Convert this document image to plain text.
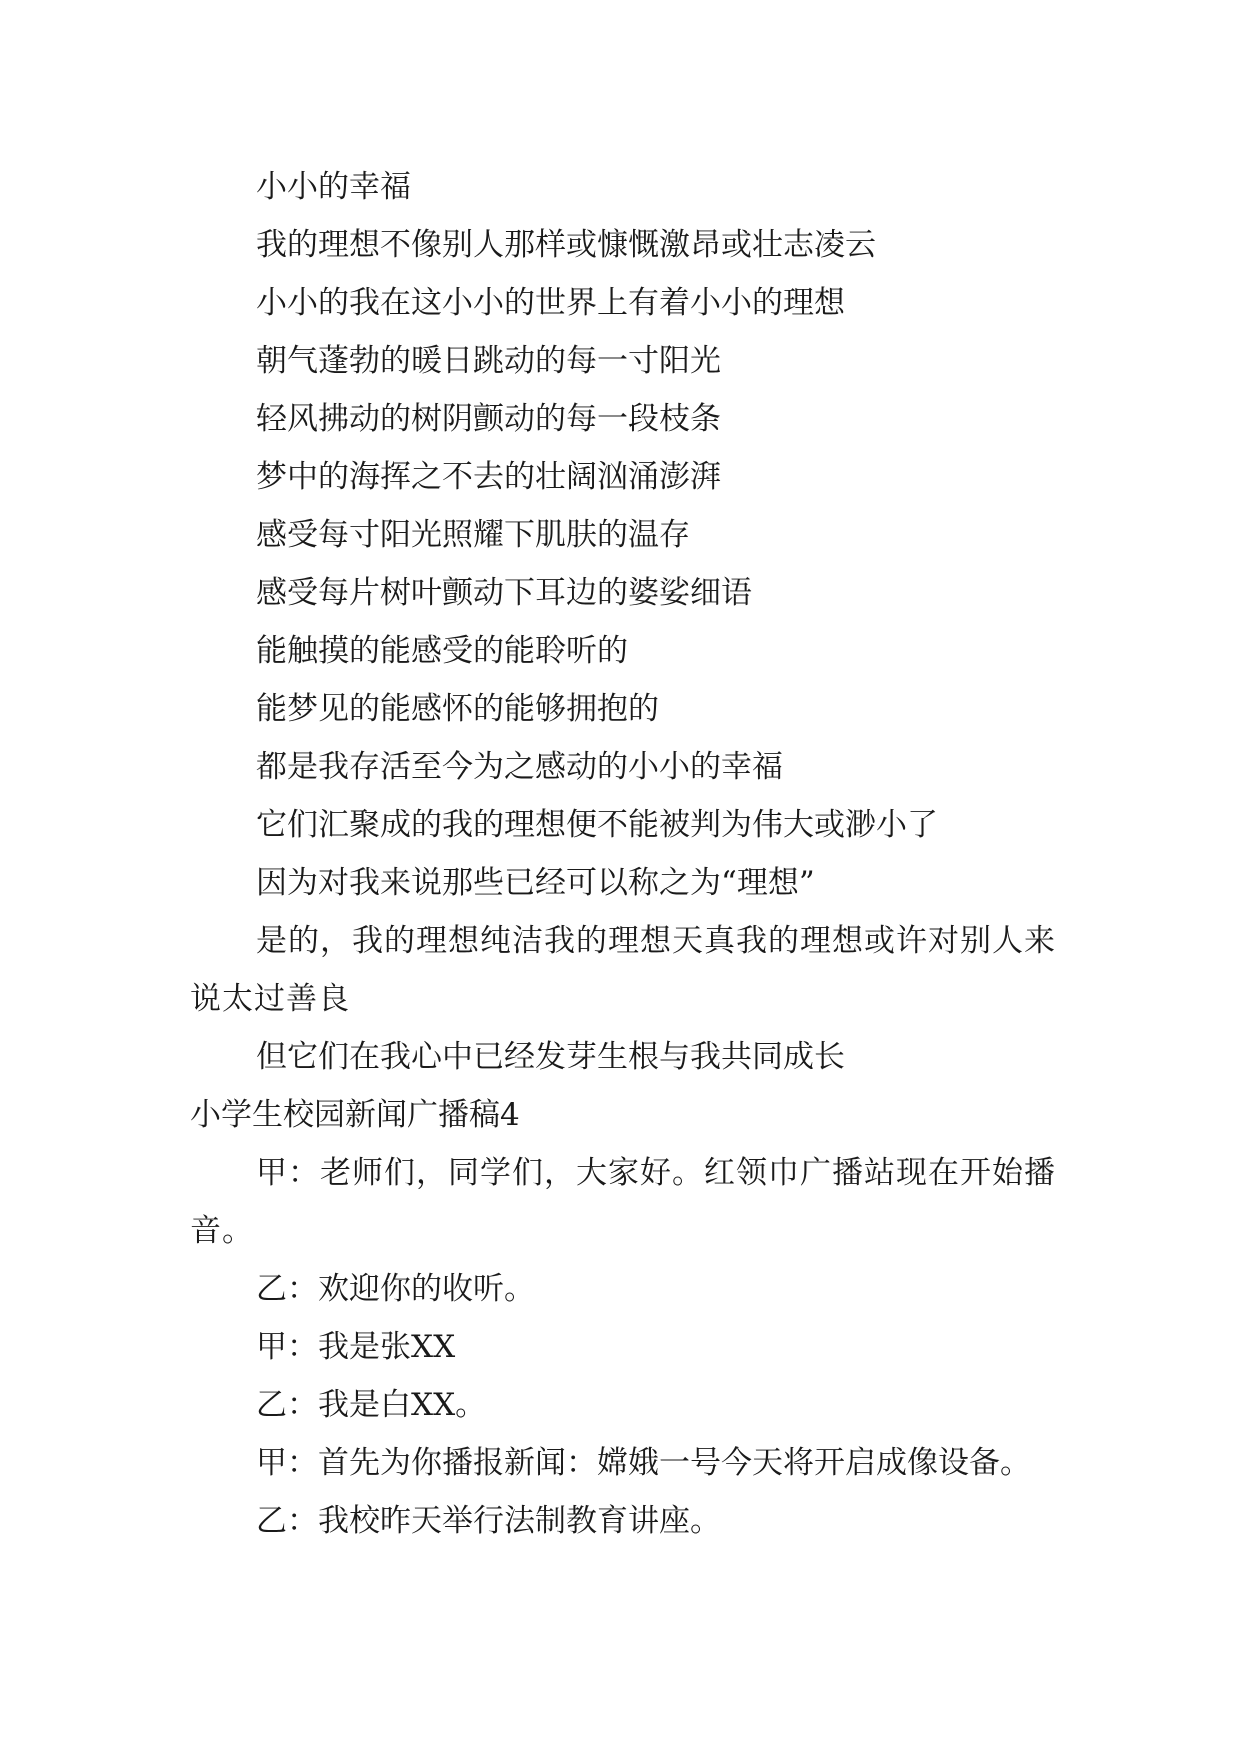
小小的幸福

我的理想不像别人那样或慷慨激昂或壮志凌云

小小的我在这小小的世界上有着小小的理想

朝气蓬勃的暖日跳动的每一寸阳光

轻风拂动的树阴颤动的每一段枝条

梦中的海挥之不去的壮阔汹涌澎湃

感受每寸阳光照耀下肌肤的温存

感受每片树叶颤动下耳边的婆娑细语

能触摸的能感受的能聆听的

能梦见的能感怀的能够拥抱的

都是我存活至今为之感动的小小的幸福

它们汇聚成的我的理想便不能被判为伟大或渺小了

因为对我来说那些已经可以称之为“理想”

是的，我的理想纯洁我的理想天真我的理想或许对别人来说太过善良

但它们在我心中已经发芽生根与我共同成长

小学生校园新闻广播稿4

甲：老师们，同学们，大家好。红领巾广播站现在开始播音。

乙：欢迎你的收听。

甲：我是张XX

乙：我是白XX。

甲：首先为你播报新闻：嫦娥一号今天将开启成像设备。

乙：我校昨天举行法制教育讲座。
